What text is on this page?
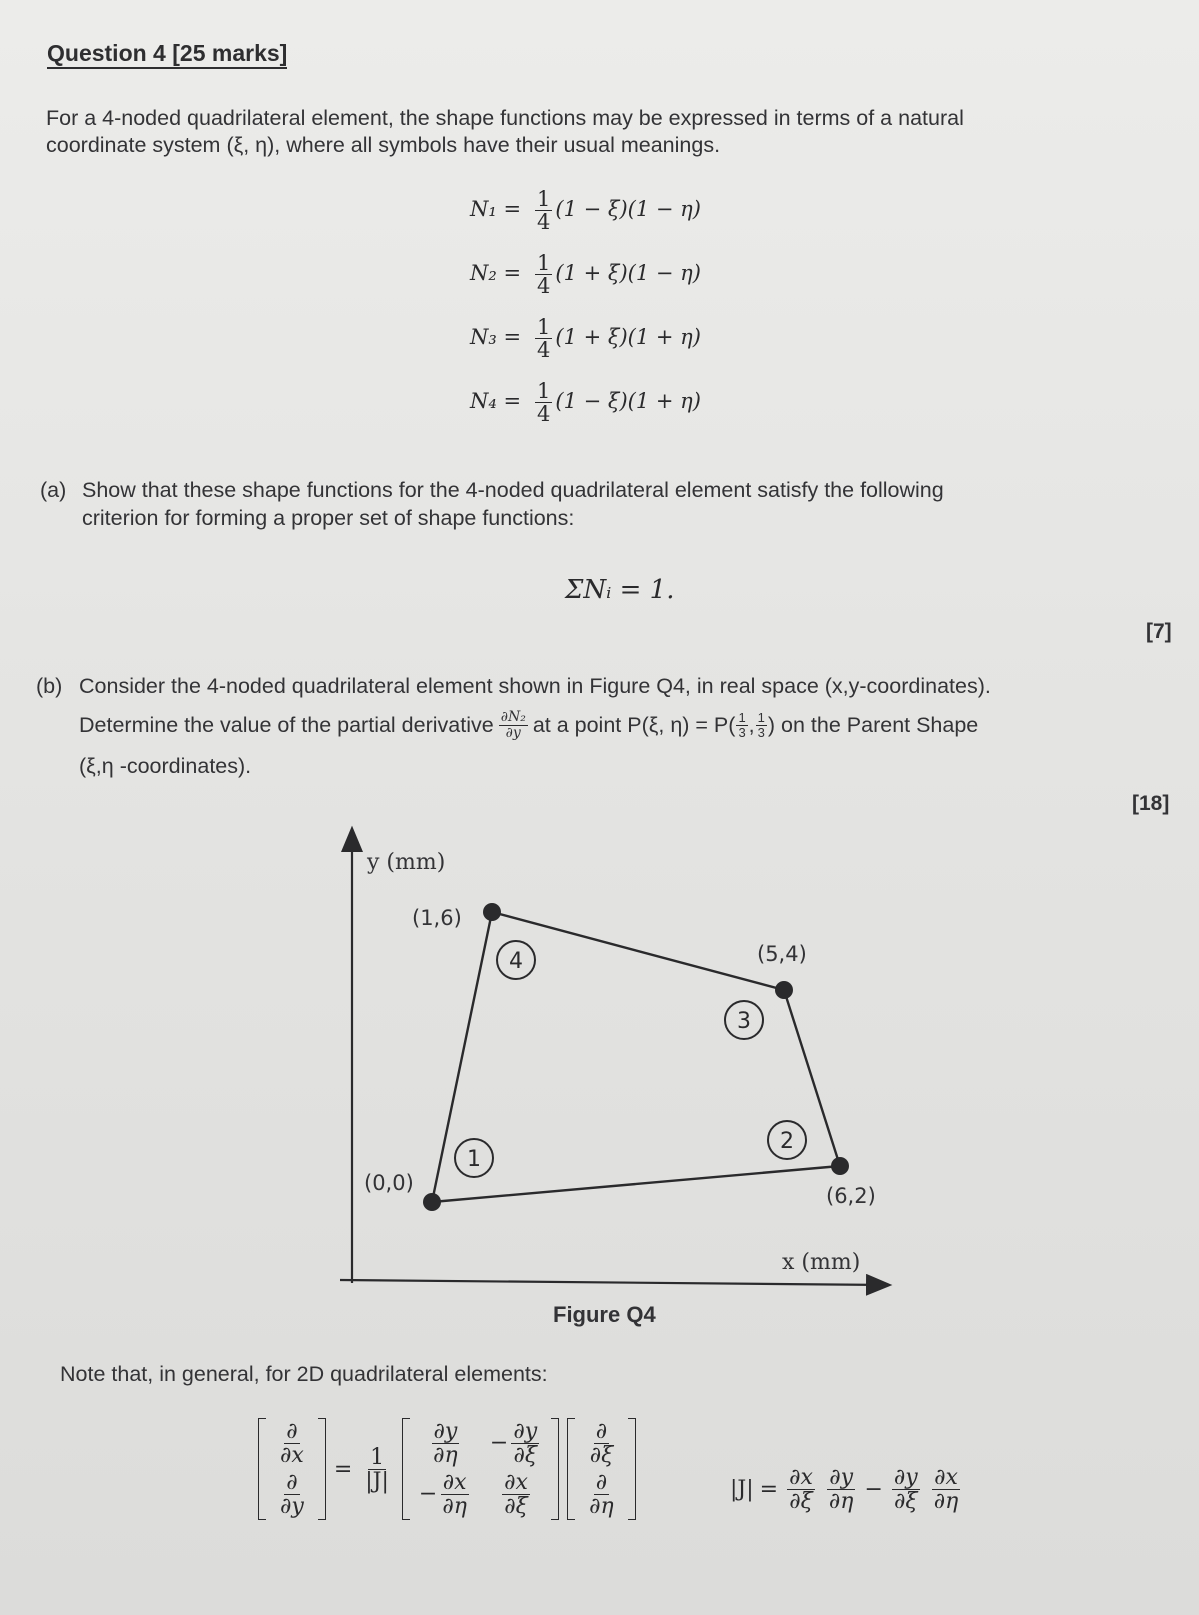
Question 4 [25 marks]
For a 4-noded quadrilateral element, the shape functions may be expressed in terms of a natural
coordinate system (ξ, η), where all symbols have their usual meanings.
$N_1 = \frac{1}{4} (1 - \xi)(1 - \eta)$
$N_2 = \frac{1}{4} (1 + \xi)(1 - \eta)$
$N_3 = \frac{1}{4} (1 + \xi)(1 + \eta)$
$N_4 = \frac{1}{4} (1 - \xi)(1 + \eta)$
(a) Show that these shape functions for the 4-noded quadrilateral element satisfy the following
criterion for forming a proper set of shape functions:
ΣNᵢ = 1.
[7]
(b) Consider the 4-noded quadrilateral element shown in Figure Q4, in real space (x,y-coordinates).
Determine the value of the partial derivative $\frac{\text{∂N₂}}{\partial y}$ at a point P(ξ, $\eta) = P( \frac{1}{3}$ , $\frac{1}{3}$ ) on the Parent Shape
(ξ,η -coordinates).
[18]
y (mm)
x (mm)
(0,0)
(6,2)
(5,4)
(1,6)
1
2
3
4
Figure Q4
Note that, in general, for 2D quadrilateral elements:
$\frac{\partial}{\partial x}$
$\frac{\partial}{\partial y}$
= $\frac{1}{|J|}$
$\frac{\partial y}{\partial\eta}$	− $\frac{\partial y}{\partial\xi}$
− $\frac{\partial x}{\partial\eta} \frac{\partial x}{\partial\xi}$
$\frac{\partial}{\partial\xi}$
$\frac{\partial}{\partial\eta}$	$|J| = \frac{\partial x}{\partial\xi} \frac{\partial y}{\partial\eta} - \frac{\partial y}{\partial\xi} \frac{\partial x}{\partial\eta}$
